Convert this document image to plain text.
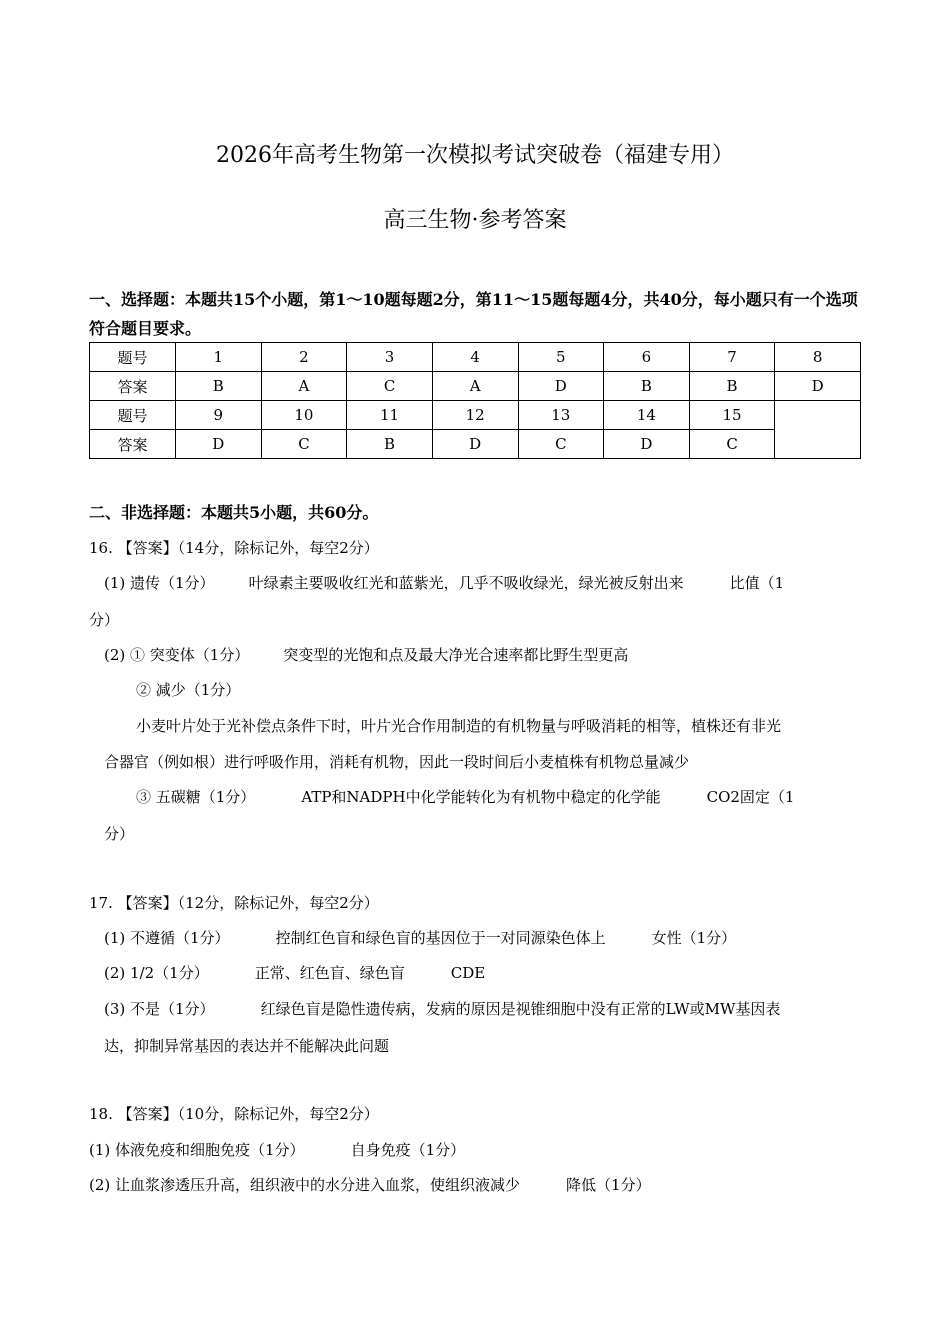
2026年高考生物第一次模拟考试突破卷（福建专用）
高三生物·参考答案
一、选择题：本题共15个小题，第1～10题每题2分，第11～15题每题4分，共40分，每小题只有一个选项符合题目要求。
题号	1	2	3	4	5	6	7	8
答案	B	A	C	A	D	B	B	D
题号	9	10	11	12	13	14	15	
答案	D	C	B	D	C	D	C	
二、非选择题：本题共5小题，共60分。
16. 【答案】（14分，除标记外，每空2分）
(1) 遗传（1分） 叶绿素主要吸收红光和蓝紫光，几乎不吸收绿光，绿光被反射出来	比值（1
分）
(2) ① 突变体（1分） 突变型的光饱和点及最大净光合速率都比野生型更高
② 减少（1分）
小麦叶片处于光补偿点条件下时，叶片光合作用制造的有机物量与呼吸消耗的相等，植株还有非光
合器官（例如根）进行呼吸作用，消耗有机物，因此一段时间后小麦植株有机物总量减少
③ 五碳糖（1分）	ATP和NADPH中化学能转化为有机物中稳定的化学能	CO2固定（1
分）
17. 【答案】（12分，除标记外，每空2分）
(1) 不遵循（1分）	控制红色盲和绿色盲的基因位于一对同源染色体上	女性（1分）
(2) 1/2（1分）	正常、红色盲、绿色盲	CDE
(3) 不是（1分）	红绿色盲是隐性遗传病，发病的原因是视锥细胞中没有正常的LW或MW基因表
达，抑制异常基因的表达并不能解决此问题
18. 【答案】（10分，除标记外，每空2分）
(1) 体液免疫和细胞免疫（1分）	自身免疫（1分）
(2) 让血浆渗透压升高，组织液中的水分进入血浆，使组织液减少	降低（1分）
